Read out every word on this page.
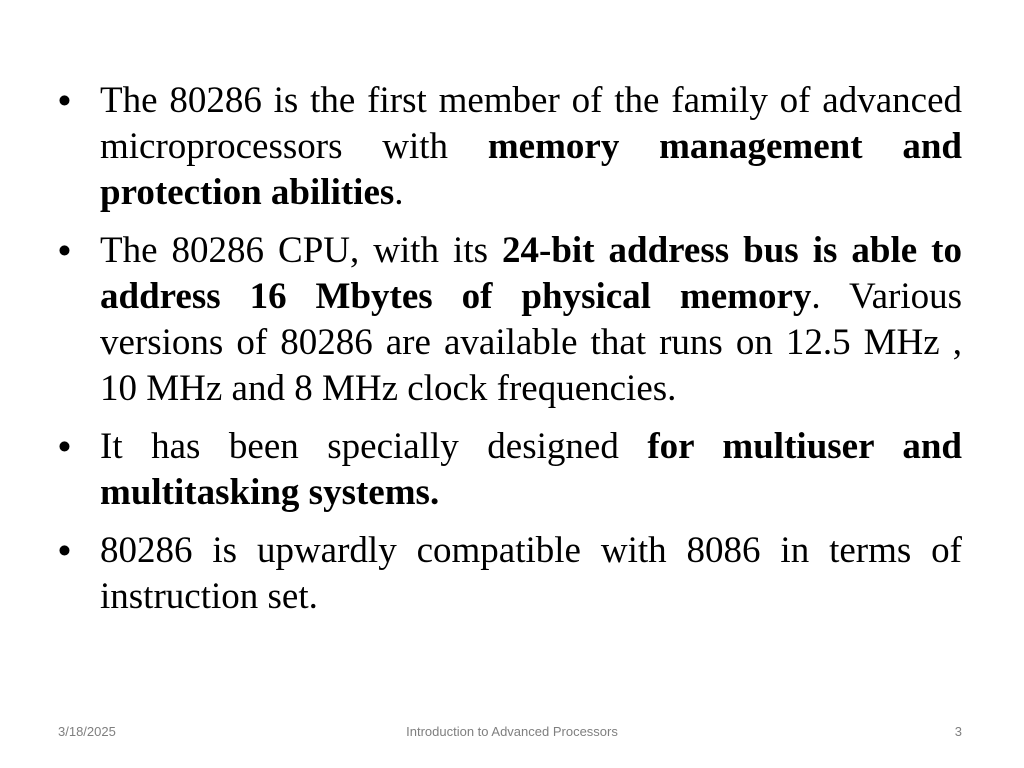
• The 80286 is the first member of the family of advanced microprocessors with memory management and protection abilities.
• The 80286 CPU, with its 24-bit address bus is able to address 16 Mbytes of physical memory. Various versions of 80286 are available that runs on 12.5 MHz , 10 MHz and 8 MHz clock frequencies.
• It has been specially designed for multiuser and multitasking systems.
• 80286 is upwardly compatible with 8086 in terms of instruction set.
3/18/2025	Introduction to Advanced Processors	3
